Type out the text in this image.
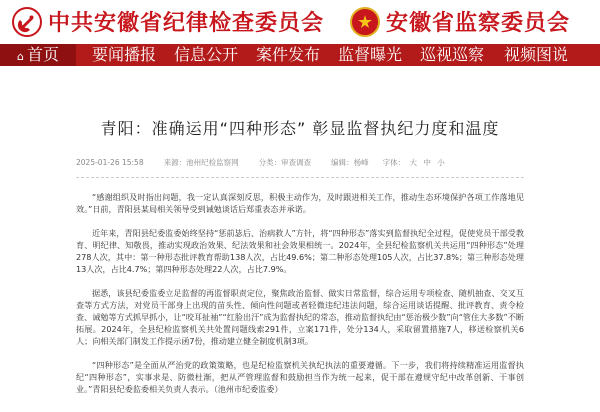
中共安徽省纪律检查委员会	安徽省监察委员会
⌂ 首页	要闻播报 信息公开 案件发布 监督曝光 巡视巡察 视频图说
青阳：准确运用“四种形态” 彰显监督执纪力度和温度
2025-01-26 15:58	来源：池州纪检监察网	分类：审查调查	编辑：杨峰 字体： 大 中 小

“感谢组织及时指出问题，我一定认真深刻反思，积极主动作为，及时跟进相关工作，推动生态环境保护各项工作落地见效。”日前，青阳县某局相关领导受到诫勉谈话后郑重表态并承诺。

近年来，青阳县纪委监委始终坚持“惩前毖后、治病救人”方针，将“四种形态”落实到监督执纪全过程，促使党员干部受教育、明纪律、知敬畏，推动实现政治效果、纪法效果和社会效果相统一。2024年，全县纪检监察机关共运用“四种形态”处理278人次，其中：第一种形态批评教育帮助138人次，占比49.6%；第二种形态处理105人次，占比37.8%；第三种形态处理13人次，占比4.7%；第四种形态处理22人次，占比7.9%。

据悉，该县纪委监委立足监督的再监督职责定位，聚焦政治监督、做实日常监督，综合运用专项检查、随机抽查、交叉互查等方式方法，对党员干部身上出现的苗头性、倾向性问题或者轻微违纪违法问题，综合运用谈话提醒、批评教育、责令检查、诫勉等方式抓早抓小，让“咬耳扯袖”“红脸出汗”成为监督执纪的常态，推动监督执纪由“惩治极少数”向“管住大多数”不断拓展。2024年，全县纪检监察机关共处置问题线索291件，立案171件，处分134人，采取留置措施7人，移送检察机关6人；向相关部门制发工作提示函7份，推动建立健全制度机制3项。

“四种形态”是全面从严治党的政策策略，也是纪检监察机关执纪执法的重要遵循。下一步，我们将持续精准运用监督执纪“四种形态”，实事求是、防微杜渐，把从严管理监督和鼓励担当作为统一起来，促干部在遵规守纪中改革创新、干事创业。”青阳县纪委监委相关负责人表示。（池州市纪委监委）
